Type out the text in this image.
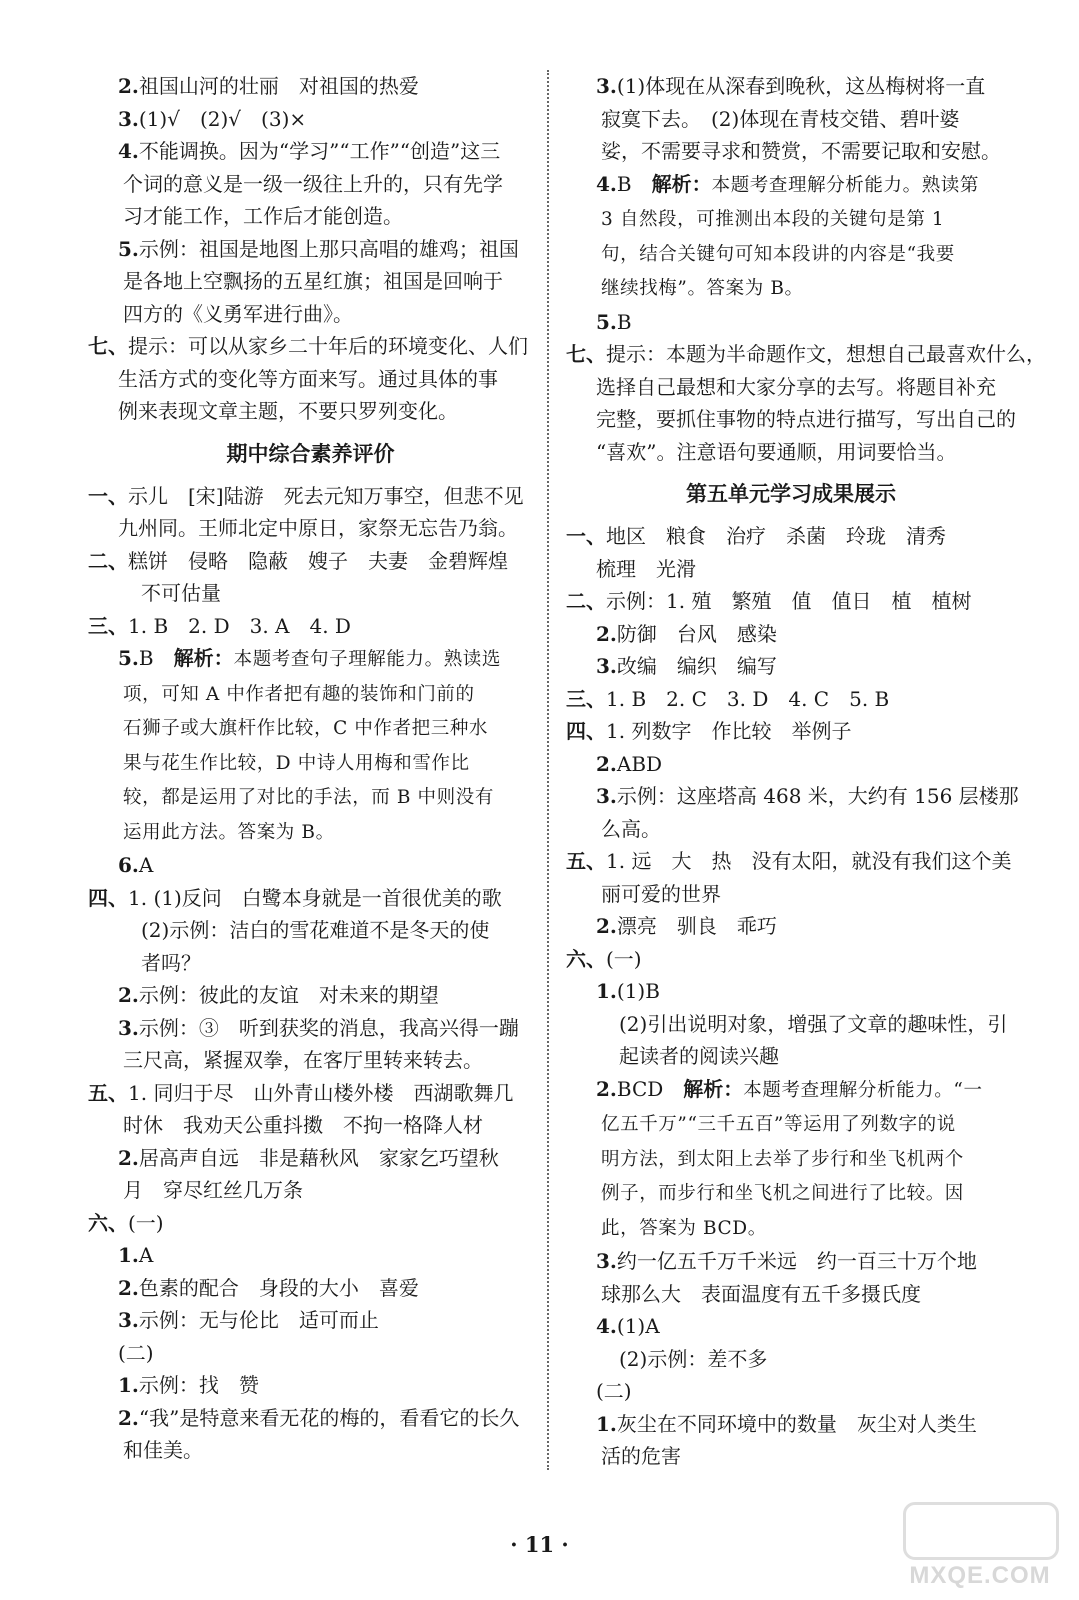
2.祖国山河的壮丽　对祖国的热爱
3.(1)√　(2)√　(3)×
4.不能调换。因为“学习”“工作”“创造”这三
个词的意义是一级一级往上升的，只有先学
习才能工作，工作后才能创造。
5.示例：祖国是地图上那只高唱的雄鸡；祖国
是各地上空飘扬的五星红旗；祖国是回响于
四方的《义勇军进行曲》。
七、提示：可以从家乡二十年后的环境变化、人们
生活方式的变化等方面来写。通过具体的事
例来表现文章主题，不要只罗列变化。
期中综合素养评价
一、示儿　[宋]陆游　死去元知万事空，但悲不见
九州同。王师北定中原日，家祭无忘告乃翁。
二、糕饼　侵略　隐蔽　嫂子　夫妻　金碧辉煌
不可估量
三、1. B　2. D　3. A　4. D
5.B　解析：本题考查句子理解能力。熟读选
项，可知 A 中作者把有趣的装饰和门前的
石狮子或大旗杆作比较，C 中作者把三种水
果与花生作比较，D 中诗人用梅和雪作比
较，都是运用了对比的手法，而 B 中则没有
运用此方法。答案为 B。
6.A
四、1. (1)反问　白鹭本身就是一首很优美的歌
(2)示例：洁白的雪花难道不是冬天的使
者吗？
2.示例：彼此的友谊　对未来的期望
3.示例：③　听到获奖的消息，我高兴得一蹦
三尺高，紧握双拳，在客厅里转来转去。
五、1. 同归于尽　山外青山楼外楼　西湖歌舞几
时休　我劝天公重抖擞　不拘一格降人材
2.居高声自远　非是藉秋风　家家乞巧望秋
月　穿尽红丝几万条
六、(一)
1.A
2.色素的配合　身段的大小　喜爱
3.示例：无与伦比　适可而止
(二)
1.示例：找　赞
2.“我”是特意来看无花的梅的，看看它的长久
和佳美。
3.(1)体现在从深春到晚秋，这丛梅树将一直
寂寞下去。　(2)体现在青枝交错、碧叶婆
娑，不需要寻求和赞赏，不需要记取和安慰。
4.B　解析：本题考查理解分析能力。熟读第
3 自然段，可推测出本段的关键句是第 1
句，结合关键句可知本段讲的内容是“我要
继续找梅”。答案为 B。
5.B
七、提示：本题为半命题作文，想想自己最喜欢什么，
选择自己最想和大家分享的去写。将题目补充
完整，要抓住事物的特点进行描写，写出自己的
“喜欢”。注意语句要通顺，用词要恰当。
第五单元学习成果展示
一、地区　粮食　治疗　杀菌　玲珑　清秀
梳理　光滑
二、示例：1. 殖　繁殖　值　值日　植　植树
2.防御　台风　感染
3.改编　编织　编写
三、1. B　2. C　3. D　4. C　5. B
四、1. 列数字　作比较　举例子
2.ABD
3.示例：这座塔高 468 米，大约有 156 层楼那
么高。
五、1. 远　大　热　没有太阳，就没有我们这个美
丽可爱的世界
2.漂亮　驯良　乖巧
六、(一)
1.(1)B
(2)引出说明对象，增强了文章的趣味性，引
起读者的阅读兴趣
2.BCD　解析：本题考查理解分析能力。“一
亿五千万”“三千五百”等运用了列数字的说
明方法，到太阳上去举了步行和坐飞机两个
例子，而步行和坐飞机之间进行了比较。因
此，答案为 BCD。
3.约一亿五千万千米远　约一百三十万个地
球那么大　表面温度有五千多摄氏度
4.(1)A
(2)示例：差不多
(二)
1.灰尘在不同环境中的数量　灰尘对人类生
活的危害
· 11 ·
MXQE.COM
